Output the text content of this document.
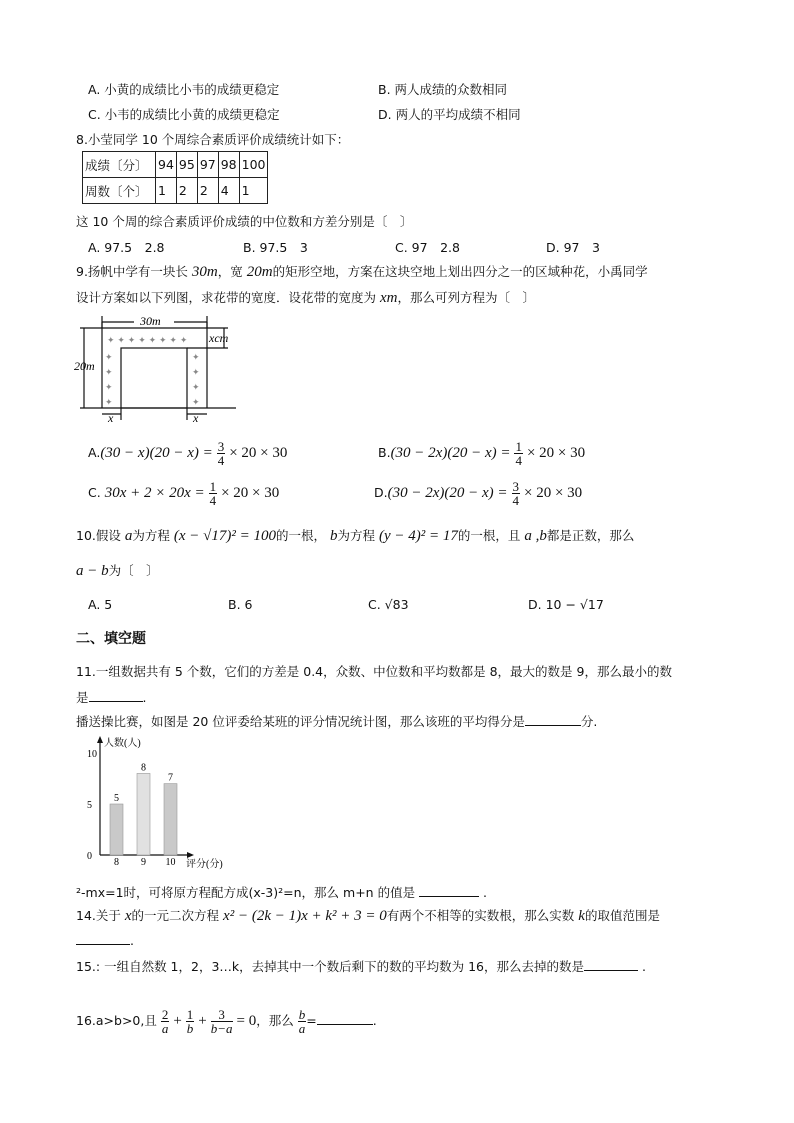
A. 小黄的成绩比小韦的成绩更稳定	B. 两人成绩的众数相同
C. 小韦的成绩比小黄的成绩更稳定	D. 两人的平均成绩不相同
8.小莹同学 10 个周综合素质评价成绩统计如下：
成绩〔分〕	94	95	97	98	100
周数〔个〕	1	2	2	4	1
这 10 个周的综合素质评价成绩的中位数和方差分别是〔　〕
A. 97.5　2.8	B. 97.5　3	C. 97　2.8	D. 97　3
9.扬帆中学有一块长 30m，宽 20m的矩形空地，方案在这块空地上划出四分之一的区域种花，小禹同学
设计方案如以下列图，求花带的宽度．设花带的宽度为 xm，那么可列方程为〔　〕
✦ ✦ ✦ ✦ ✦ ✦ ✦ ✦
✦
✦
✦
✦
✦
✦
✦
✦
30m
20m
xcm
x	x
$A.(30 - x)(20 - x) = \frac{3}{4} \times 20 \times 30$	$B.(30 - 2x)(20 - x) = \frac{1}{4} \times 20 \times 30$
C. $30x + 2 \times 20x = \frac{1}{4} \times 20 \times 30$	$D.(30 - 2x)(20 - x) = \frac{3}{4} \times 20 \times 30$
10.假设 a为方程 (x − √17)² = 100的一根， b为方程 (y − 4)² = 17的一根，且 a ,b都是正数，那么
a − b为〔　〕
A. 5	B. 6	C. √83	D. 10 − √17
二、填空题
11.一组数据共有 5 个数，它们的方差是 0.4，众数、中位数和平均数都是 8，最大的数是 9，那么最小的数
是	.
播送操比赛，如图是 20 位评委给某班的评分情况统计图，那么该班的平均得分是	分.
人数(人)
评分(分)
0
5
10
5
8
8
9
7
10
²-mx=1时，可将原方程配方成(x-3)²=n，那么 m+n 的值是	.
14.关于 x的一元二次方程 x² − (2k − 1)x + k² + 3 = 0有两个不相等的实数根，那么实数 k的取值范围是
.
15.: 一组自然数 1，2，3…k，去掉其中一个数后剩下的数的平均数为 16，那么去掉的数是	.
16.a>b>0,且 $\frac{2}{a} + \frac{1}{b} + \frac{3}{b-a} = 0$，那么 $\frac{b}{a}$ =	.
